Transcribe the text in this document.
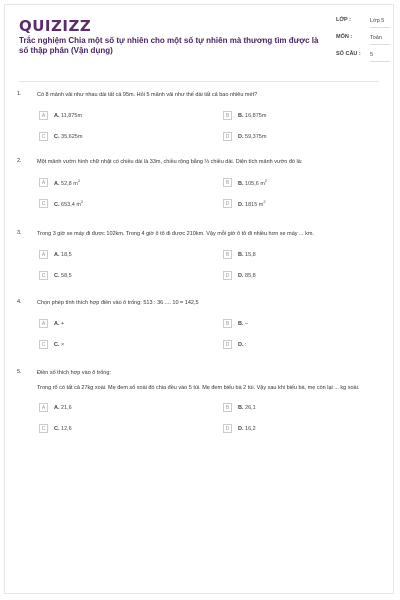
QUIZIZZ
Trắc nghiệm Chia một số tự nhiên cho một số tự nhiên mà thương tìm được là số thập phân (Vận dụng)
LỚP :	Lớp 5
MÔN :	Toán
SỐ CÂU :	5
1.	Có 8 mảnh vải như nhau dài tất cả 95m. Hỏi 5 mảnh vải như thế dài tất cả bao nhiêu mét?
A	A. 11,875m	B	B. 16,875m
C	C. 35,625m	D	D. 59,375m
2.	Một mảnh vườn hình chữ nhật có chiều dài là 33m, chiều rộng bằng ⅔ chiều dài. Diện tích mảnh vườn đó là:
A	A. 52,8 $m^2$	B	B. 105,6 $m^2$
C	C. 653,4 $m^2$	D	D. 1815 $m^2$
3.	Trong 3 giờ xe máy đi được 102km. Trong 4 giờ ô tô đi được 210km. Vậy mỗi giờ ô tô đi nhiều hơn xe máy ... km.
A	A. 18,5	B	B. 15,8
C	C. 58,5	D	D. 85,8
4.	Chọn phép tính thích hợp điền vào ô trống: 513 : 36 .... 10 = 142,5
A	A. +	B	B. –
C	C. ×	D	D. :
5.	Điền số thích hợp vào ô trống:
Trong rổ có tất cả 27kg xoài. Mẹ đem số xoài đó chia đều vào 5 túi. Mẹ đem biếu bà 2 túi. Vậy sau khi biếu bà, mẹ còn lại ... kg xoài.
A	A. 21,6	B	B. 26,1
C	C. 12,6	D	D. 16,2
